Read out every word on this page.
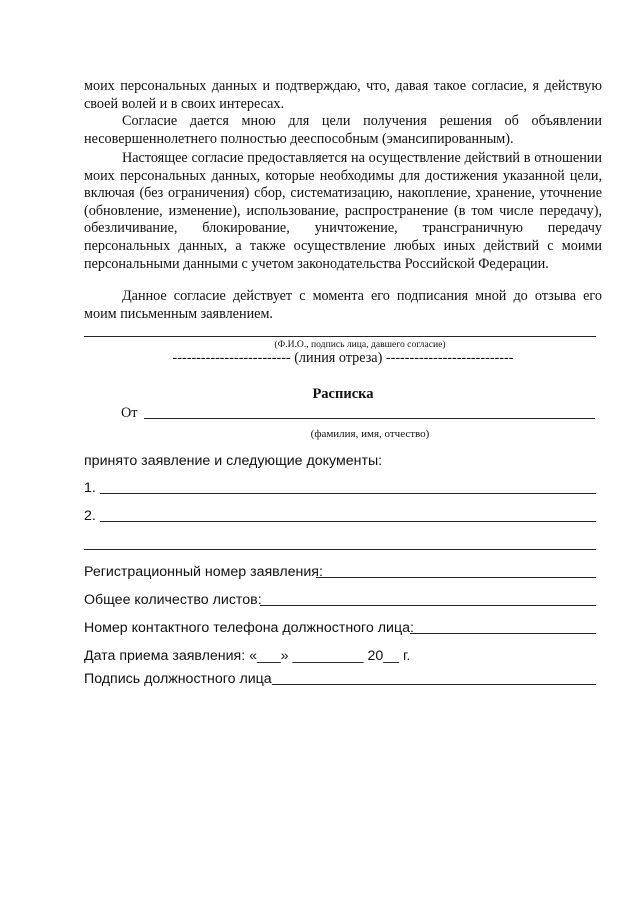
моих персональных данных и подтверждаю, что, давая такое согласие, я действую своей волей и в своих интересах.

Согласие дается мною для цели получения решения об объявлении несовершеннолетнего полностью дееспособным (эмансипированным).

Настоящее согласие предоставляется на осуществление действий в отношении моих персональных данных, которые необходимы для достижения указанной цели, включая (без ограничения) сбор, систематизацию, накопление, хранение, уточнение (обновление, изменение), использование, распространение (в том числе передачу), обезличивание, блокирование, уничтожение, трансграничную передачу персональных данных, а также осуществление любых иных действий с моими персональными данными с учетом законодательства Российской Федерации.

Данное согласие действует с момента его подписания мной до отзыва его моим письменным заявлением.

(Ф.И.О., подпись лица, давшего согласие)
------------------------- (линия отреза) ---------------------------
Расписка
От
(фамилия, имя, отчество)
принято заявление и следующие документы:
1.
2.
Регистрационный номер заявления:
Общее количество листов:
Номер контактного телефона должностного лица:
Дата приема заявления: «___» _________ 20__ г.
Подпись должностного лица
